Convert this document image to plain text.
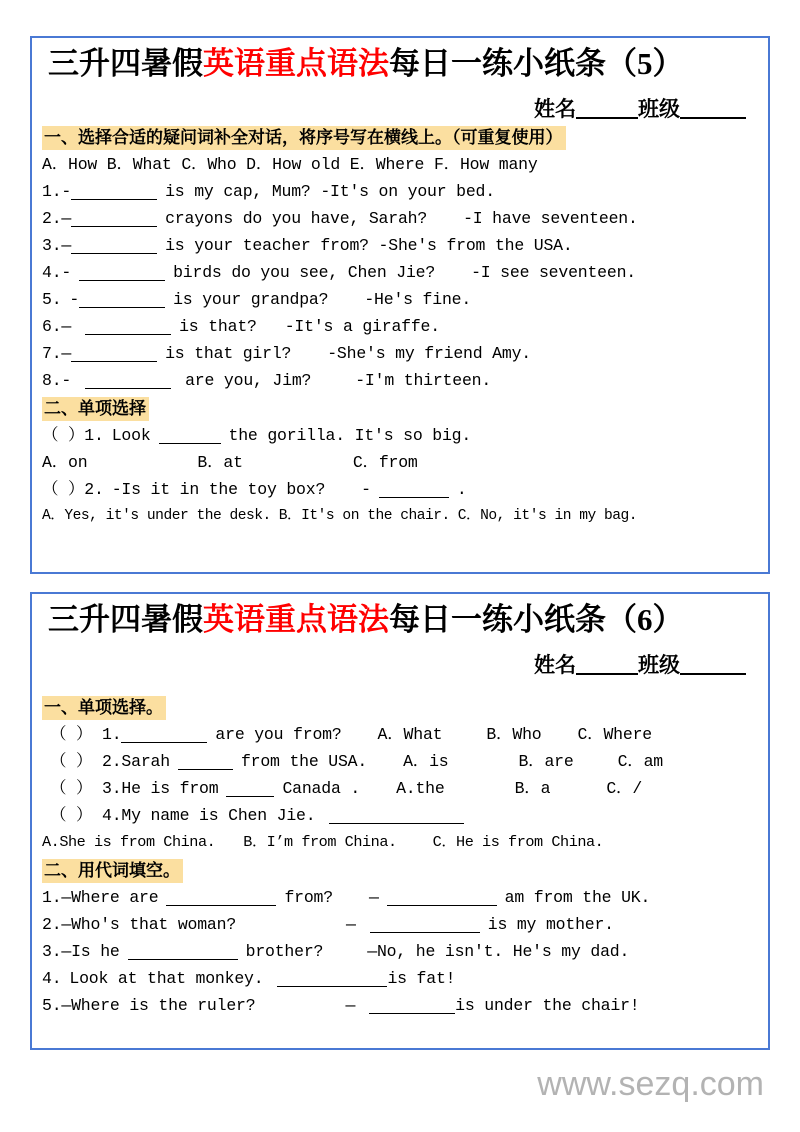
三升四暑假英语重点语法每日一练小纸条（5）
姓名	班级
一、选择合适的疑问词补全对话，将序号写在横线上。（可重复使用）
A．How B．What C．Who D．How old E．Where F．How many
1.-	is my cap, Mum? -It's on your bed.
2.—	crayons do you have, Sarah? -I have seventeen.
3.—	is your teacher from? -She's from the USA.
4.-	birds do you see, Chen Jie? -I see seventeen.
5. -	is your grandpa? -He's fine.
6.—	is that? -It's a giraffe.
7.—	is that girl? -She's my friend Amy.
8.-	are you, Jim?	-I'm thirteen.
二、单项选择
（ ）1. Look	the gorilla. It's so big.
A．on	B．at	C．from
（ ）2. -Is it in the toy box? -	.
A．Yes, it's under the desk. B．It's on the chair. C．No, it's in my bag.
三升四暑假英语重点语法每日一练小纸条（6）
姓名	班级
一、单项选择。
（ ） 1.	are you from? A．What	B．Who C．Where
（ ） 2.Sarah	from the USA. A．is	B．are	C．am
（ ） 3.He is from	Canada . A.the	B．a	C．/
（ ） 4.My name is Chen Jie.
A.She is from China. B．I’m from China. C．He is from China.
二、用代词填空。
1.—Where are	from? —	am from the UK.
2.—Who's that woman?	—	is my mother.
3.—Is he	brother?	—No, he isn't. He's my dad.
4. Look at that monkey.	is fat!
5.—Where is the ruler?	—	is under the chair!
www.sezq.com
